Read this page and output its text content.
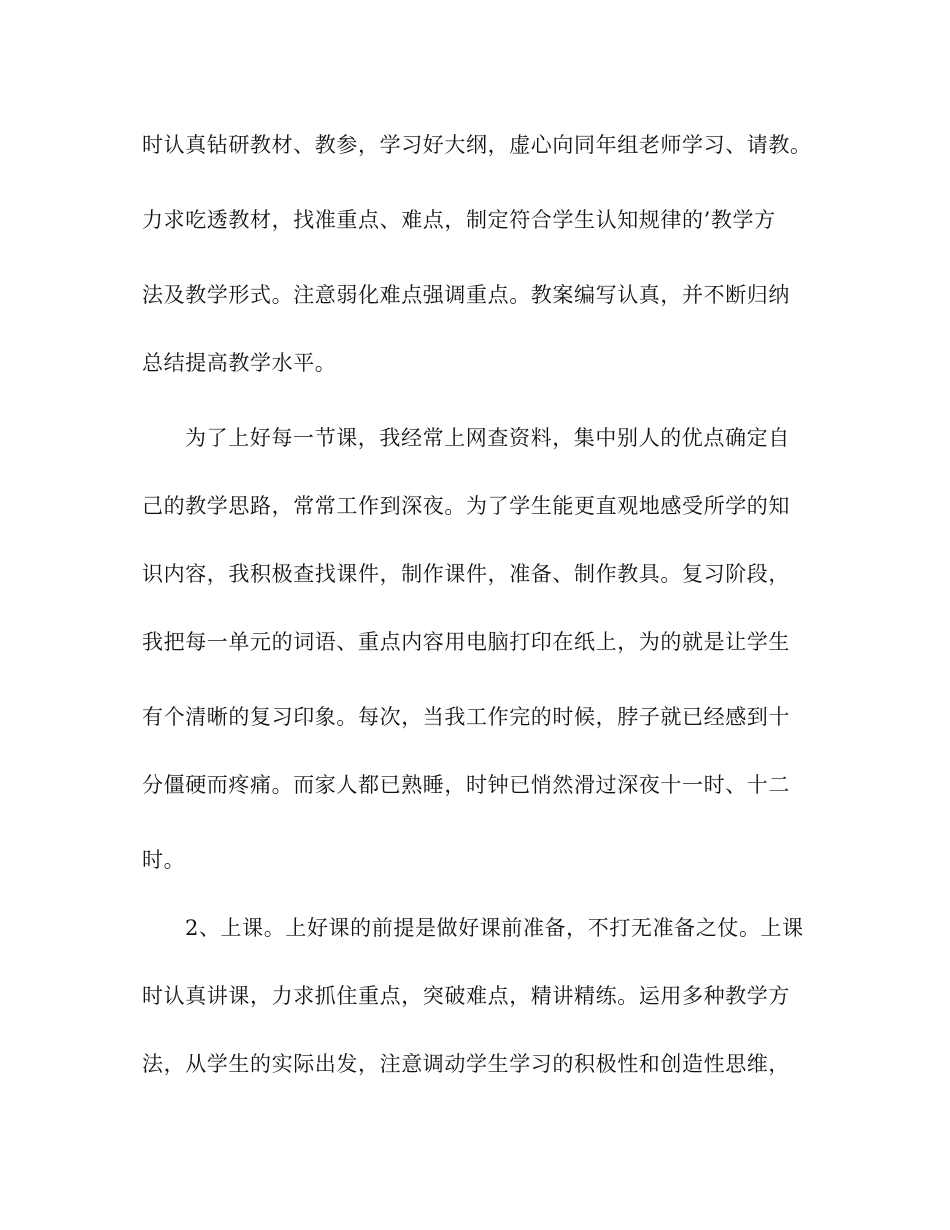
时认真钻研教材、教参，学习好大纲，虚心向同年组老师学习、请教。

力求吃透教材，找准重点、难点，制定符合学生认知规律的’教学方

法及教学形式。注意弱化难点强调重点。教案编写认真，并不断归纳

总结提高教学水平。

为了上好每一节课，我经常上网查资料，集中别人的优点确定自

己的教学思路，常常工作到深夜。为了学生能更直观地感受所学的知

识内容，我积极查找课件，制作课件，准备、制作教具。复习阶段，

我把每一单元的词语、重点内容用电脑打印在纸上，为的就是让学生

有个清晰的复习印象。每次，当我工作完的时候，脖子就已经感到十

分僵硬而疼痛。而家人都已熟睡，时钟已悄然滑过深夜十一时、十二

时。

2、上课。上好课的前提是做好课前准备，不打无准备之仗。上课

时认真讲课，力求抓住重点，突破难点，精讲精练。运用多种教学方

法，从学生的实际出发，注意调动学生学习的积极性和创造性思维，
